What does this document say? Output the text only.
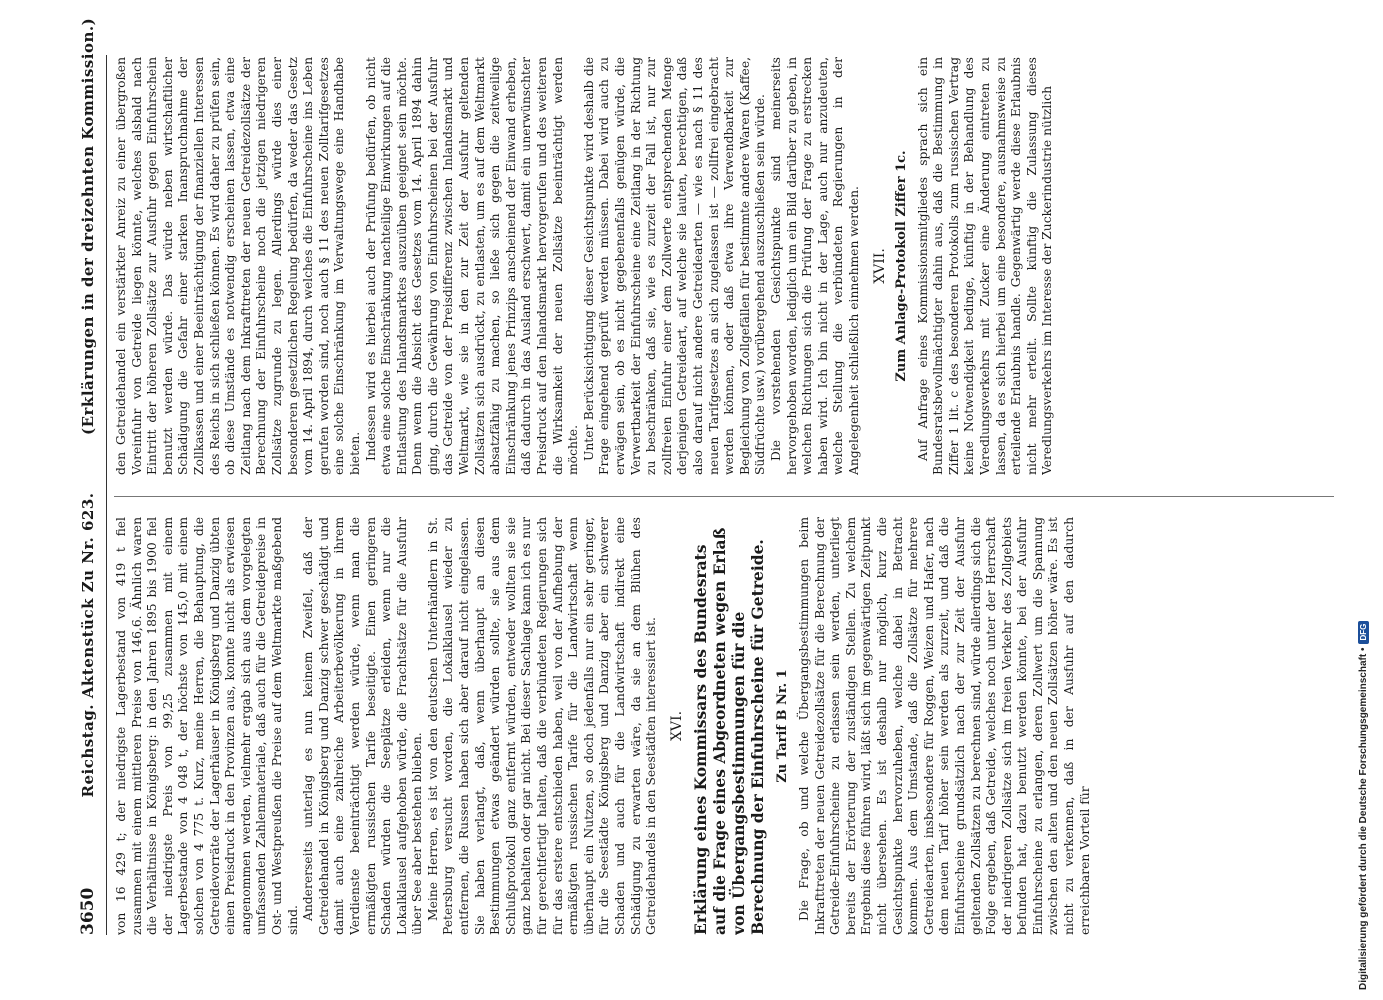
3650
Reichstag. Aktenstück Zu Nr. 623.
(Erklärungen in der dreizehnten Kommission.)

von 16 429 t; der niedrigste Lagerbestand von 419 t fiel zusammen mit einem mittleren Preise von 146,6. Ähnlich waren die Verhältnisse in Königsberg: in den Jahren 1895 bis 1900 fiel der niedrigste Preis von 99,25 zusammen mit einem Lagerbestande von 4 048 t, der höchste von 145,0 mit einem solchen von 4 775 t. Kurz, meine Herren, die Behauptung, die Getreidevorräte der Lagerhäuser in Königsberg und Danzig übten einen Preisdruck in den Provinzen aus, konnte nicht als erwiesen angenommen werden, vielmehr ergab sich aus dem vorgelegten umfassenden Zahlenmateriale, daß auch für die Getreidepreise in Ost- und Westpreußen die Preise auf dem Weltmarkte maßgebend sind. Andererseits unterlag es nun keinem Zweifel, daß der Getreidehandel in Königsberg und Danzig schwer geschädigt und damit auch eine zahlreiche Arbeiterbevölkerung in ihrem Verdienste beeinträchtigt werden würde, wenn man die ermäßigten russischen Tarife beseitigte. Einen geringeren Schaden würden die Seeplätze erleiden, wenn nur die Lokalklausel aufgehoben würde, die Frachtsätze für die Ausfuhr über See aber bestehen blieben. Meine Herren, es ist von den deutschen Unterhändlern in St. Petersburg versucht worden, die Lokalklausel wieder zu entfernen, die Russen haben sich aber darauf nicht eingelassen. Sie haben verlangt, daß, wenn überhaupt an diesen Bestimmungen etwas geändert würden sollte, sie aus dem Schlußprotokoll ganz entfernt würden, entweder wollten sie sie ganz behalten oder gar nicht. Bei dieser Sachlage kann ich es nur für gerechtfertigt halten, daß die verbündeten Regierungen sich für das erstere entschieden haben, weil von der Aufhebung der ermäßigten russischen Tarife für die Landwirtschaft wenn überhaupt ein Nutzen, so doch jedenfalls nur ein sehr geringer, für die Seestädte Königsberg und Danzig aber ein schwerer Schaden und auch für die Landwirtschaft indirekt eine Schädigung zu erwarten wäre, da sie an dem Blühen des Getreidehandels in den Seestädten interessiert ist. XVI. Erklärung eines Kommissars des Bundesrats auf die Frage eines Abgeordneten wegen Erlaß von Übergangsbestimmungen für die Berechnung der Einfuhrscheine für Getreide. Zu Tarif B Nr. 1 Die Frage, ob und welche Übergangsbestimmungen beim Inkrafttreten der neuen Getreidezollsätze für die Berechnung der Getreide-Einfuhrscheine zu erlassen sein werden, unterliegt bereits der Erörterung der zuständigen Stellen. Zu welchem Ergebnis diese führen wird, läßt sich im gegenwärtigen Zeitpunkt nicht übersehen. Es ist deshalb nur möglich, kurz die Gesichtspunkte hervorzuheben, welche dabei in Betracht kommen. Aus dem Umstande, daß die Zollsätze für mehrere Getreidearten, insbesondere für Roggen, Weizen und Hafer, nach dem neuen Tarif höher sein werden als zurzeit, und daß die Einfuhrscheine grundsätzlich nach der zur Zeit der Ausfuhr geltenden Zollsätzen zu berechnen sind, würde allerdings sich die Folge ergeben, daß Getreide, welches noch unter der Herrschaft der niedrigeren Zollsätze sich im freien Verkehr des Zollgebiets befunden hat, dazu benutzt werden könnte, bei der Ausfuhr Einfuhrscheine zu erlangen, deren Zollwert um die Spannung zwischen den alten und den neuen Zollsätzen höher wäre. Es ist nicht zu verkennen, daß in der Ausfuhr auf den dadurch erreichbaren Vorteil für

den Getreidehandel ein verstärkter Anreiz zu einer übergroßen Voreinfuhr von Getreide liegen könnte, welches alsbald nach Eintritt der höheren Zollsätze zur Ausfuhr gegen Einfuhrschein benutzt werden würde. Das würde neben wirtschaftlicher Schädigung die Gefahr einer starken Inanspruchnahme der Zollkassen und einer Beeinträchtigung der finanziellen Interessen des Reichs in sich schließen können. Es wird daher zu prüfen sein, ob diese Umstände es notwendig erscheinen lassen, etwa eine Zeitlang nach dem Inkrafttreten der neuen Getreidezollsätze der Berechnung der Einfuhrscheine noch die jetzigen niedrigeren Zollsätze zugrunde zu legen. Allerdings würde dies einer besonderen gesetzlichen Regelung bedürfen, da weder das Gesetz vom 14. April 1894, durch welches die Einfuhrscheine ins Leben gerufen worden sind, noch auch § 11 des neuen Zolltarifgesetzes eine solche Einschränkung im Verwaltungswege eine Handhabe bieten. Indessen wird es hierbei auch der Prüfung bedürfen, ob nicht etwa eine solche Einschränkung nachteilige Einwirkungen auf die Entlastung des Inlandsmarktes auszuüben geeignet sein möchte. Denn wenn die Absicht des Gesetzes vom 14. April 1894 dahin ging, durch die Gewährung von Einfuhrscheinen bei der Ausfuhr das Getreide von der Preisdifferenz zwischen Inlandsmarkt und Weltmarkt, wie sie in den zur Zeit der Ausfuhr geltenden Zollsätzen sich ausdrückt, zu entlasten, um es auf dem Weltmarkt absatzfähig zu machen, so ließe sich gegen die zeitweilige Einschränkung jenes Prinzips anscheinend der Einwand erheben, daß dadurch in das Ausland erschwert, damit ein unerwünschter Preisdruck auf den Inlandsmarkt hervorgerufen und des weiteren die Wirksamkeit der neuen Zollsätze beeinträchtigt werden möchte. Unter Berücksichtigung dieser Gesichtspunkte wird deshalb die Frage eingehend geprüft werden müssen. Dabei wird auch zu erwägen sein, ob es nicht gegebenenfalls genügen würde, die Verwertbarkeit der Einfuhrscheine eine Zeitlang in der Richtung zu beschränken, daß sie, wie es zurzeit der Fall ist, nur zur zollfreien Einfuhr einer dem Zollwerte entsprechenden Menge derjenigen Getreideart, auf welche sie lauten, berechtigen, daß also darauf nicht andere Getreidearten — wie es nach § 11 des neuen Tarifgesetzes an sich zugelassen ist — zollfrei eingebracht werden können, oder daß etwa ihre Verwendbarkeit zur Begleichung von Zollgefällen für bestimmte andere Waren (Kaffee, Südfrüchte usw.) vorübergehend auszuschließen sein würde. Die vorstehenden Gesichtspunkte sind meinerseits hervorgehoben worden, lediglich um ein Bild darüber zu geben, in welchen Richtungen sich die Prüfung der Frage zu erstrecken haben wird. Ich bin nicht in der Lage, auch nur anzudeuten, welche Stellung die verbündeten Regierungen in der Angelegenheit schließlich einnehmen werden. XVII. Zum Anlage-Protokoll Ziffer 1c. Auf Anfrage eines Kommissionsmitgliedes sprach sich ein Bundesratsbevollmächtigter dahin aus, daß die Bestimmung in Ziffer 1 lit. c des besonderen Protokolls zum russischen Vertrag keine Notwendigkeit bedinge, künftig in der Behandlung des Veredlungsverkehrs mit Zucker eine Änderung eintreten zu lassen, da es sich hierbei um eine besondere, ausnahmsweise zu erteilende Erlaubnis handle. Gegenwärtig werde diese Erlaubnis nicht mehr erteilt. Sollte künftig die Zulassung dieses Veredlungsverkehrs im Interesse der Zuckerindustrie nützlich

Digitalisierung gefördert durch die Deutsche Forschungsgemeinschaft •
DFG
